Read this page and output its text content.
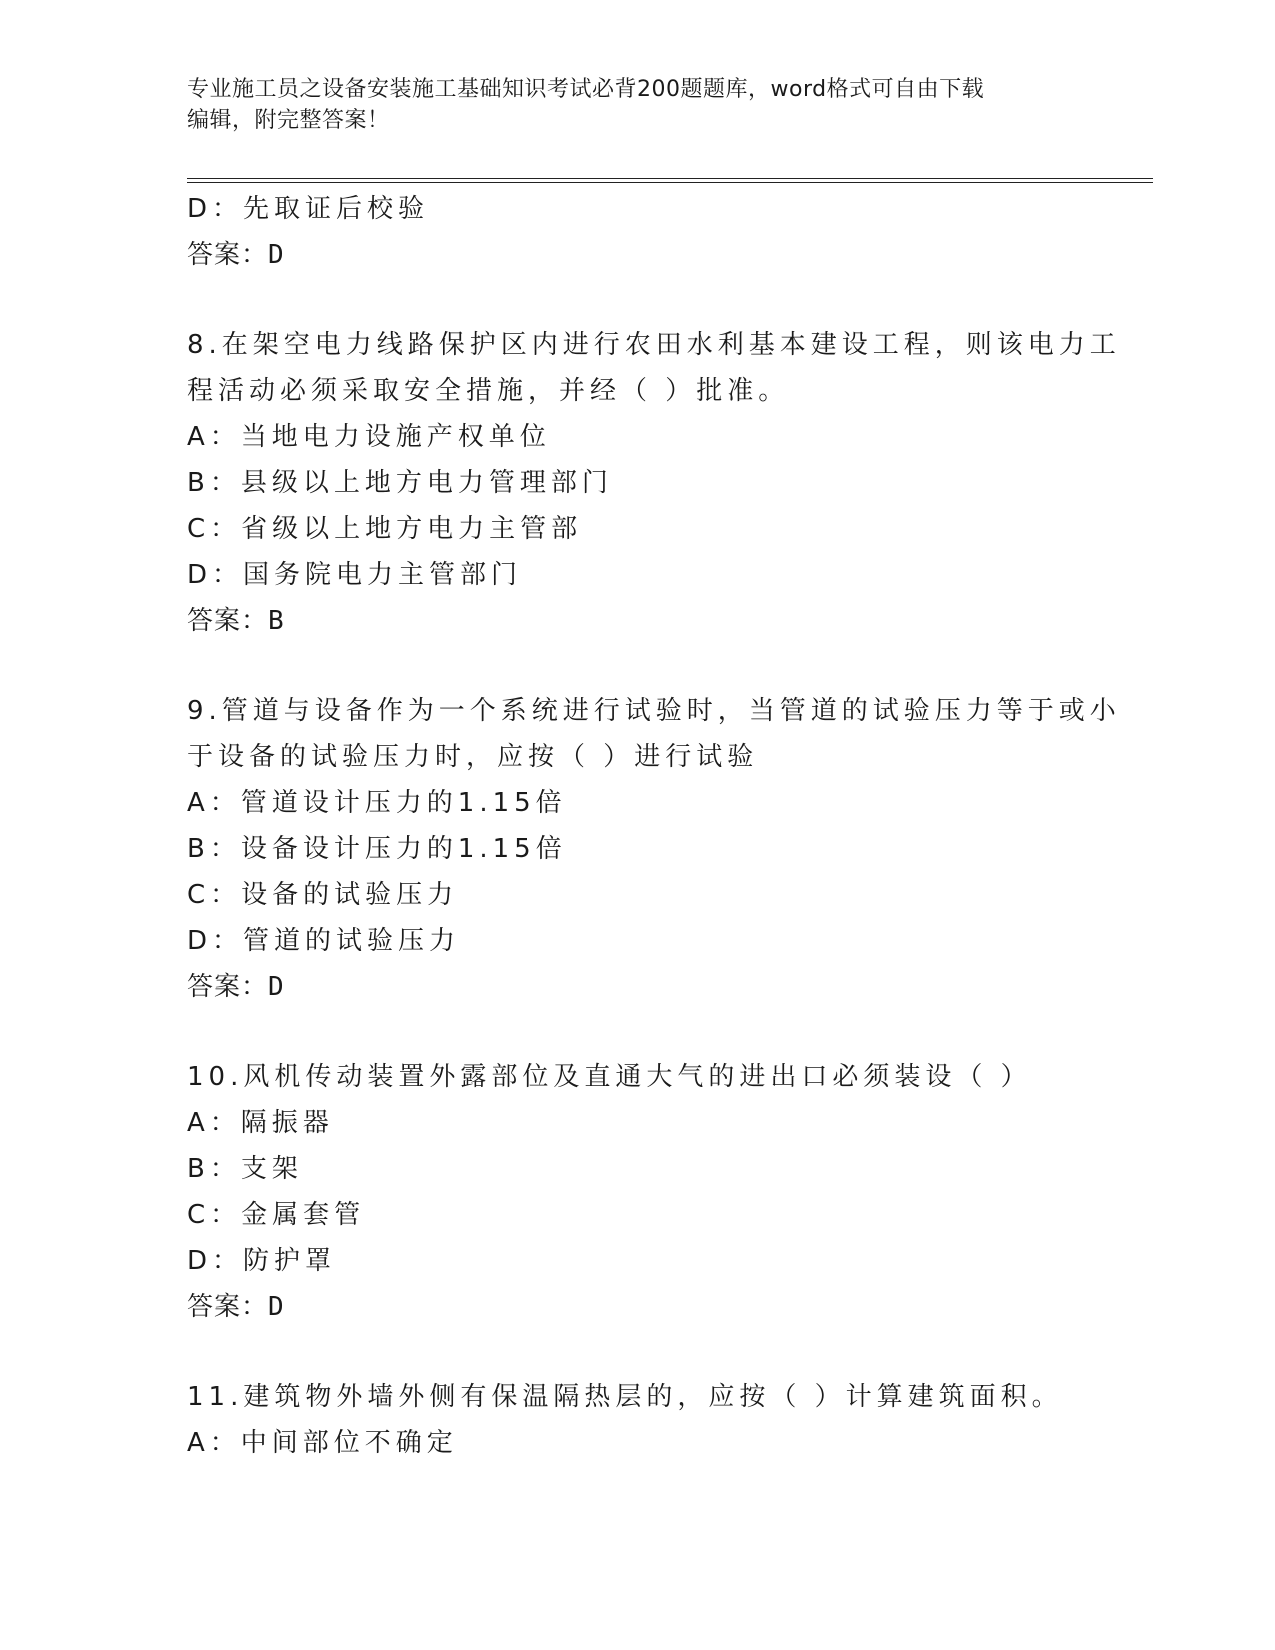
专业施工员之设备安装施工基础知识考试必背200题题库，word格式可自由下载
编辑，附完整答案！
D：先取证后校验
答案：D
8.在架空电力线路保护区内进行农田水利基本建设工程，则该电力工
程活动必须采取安全措施，并经（ ）批准。
A：当地电力设施产权单位
B：县级以上地方电力管理部门
C：省级以上地方电力主管部
D：国务院电力主管部门
答案：B
9.管道与设备作为一个系统进行试验时，当管道的试验压力等于或小
于设备的试验压力时，应按（ ）进行试验
A：管道设计压力的1.15倍
B：设备设计压力的1.15倍
C：设备的试验压力
D：管道的试验压力
答案：D
10.风机传动装置外露部位及直通大气的进出口必须装设（ ）
A：隔振器
B：支架
C：金属套管
D：防护罩
答案：D
11.建筑物外墙外侧有保温隔热层的，应按（ ）计算建筑面积。
A：中间部位不确定
